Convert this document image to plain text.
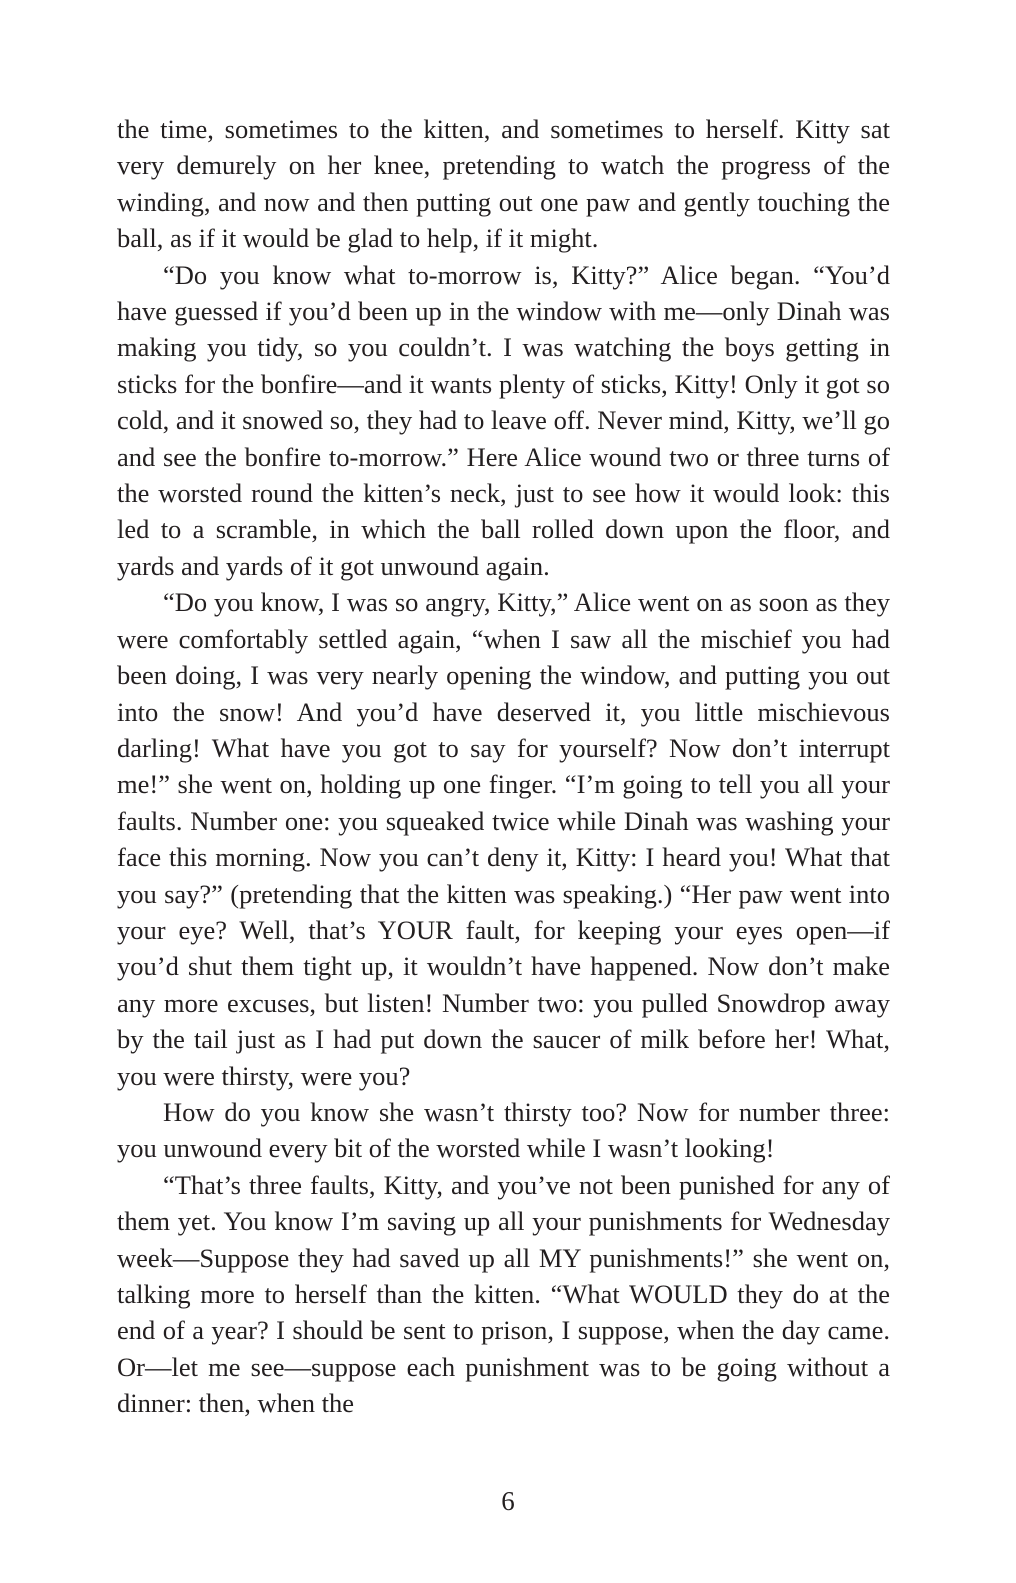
the time, sometimes to the kitten, and sometimes to herself. Kitty sat very demurely on her knee, pretending to watch the progress of the winding, and now and then putting out one paw and gently touching the ball, as if it would be glad to help, if it might.

“Do you know what to-morrow is, Kitty?” Alice began. “You’d have guessed if you’d been up in the window with me—only Dinah was making you tidy, so you couldn’t. I was watching the boys getting in sticks for the bonfire—and it wants plenty of sticks, Kitty! Only it got so cold, and it snowed so, they had to leave off. Never mind, Kitty, we’ll go and see the bonfire to-morrow.” Here Alice wound two or three turns of the worsted round the kitten’s neck, just to see how it would look: this led to a scramble, in which the ball rolled down upon the floor, and yards and yards of it got unwound again.

“Do you know, I was so angry, Kitty,” Alice went on as soon as they were comfortably settled again, “when I saw all the mischief you had been doing, I was very nearly opening the window, and putting you out into the snow! And you’d have deserved it, you little mischievous darling! What have you got to say for yourself? Now don’t interrupt me!” she went on, holding up one finger. “I’m going to tell you all your faults. Number one: you squeaked twice while Dinah was washing your face this morning. Now you can’t deny it, Kitty: I heard you! What that you say?” (pretending that the kitten was speaking.) “Her paw went into your eye? Well, that’s YOUR fault, for keeping your eyes open—if you’d shut them tight up, it wouldn’t have happened. Now don’t make any more excuses, but listen! Number two: you pulled Snowdrop away by the tail just as I had put down the saucer of milk before her! What, you were thirsty, were you?

How do you know she wasn’t thirsty too? Now for number three: you unwound every bit of the worsted while I wasn’t looking!

“That’s three faults, Kitty, and you’ve not been punished for any of them yet. You know I’m saving up all your punishments for Wednesday week—Suppose they had saved up all MY punishments!” she went on, talking more to herself than the kitten. “What WOULD they do at the end of a year? I should be sent to prison, I suppose, when the day came. Or—let me see—suppose each punishment was to be going without a dinner: then, when the

6
